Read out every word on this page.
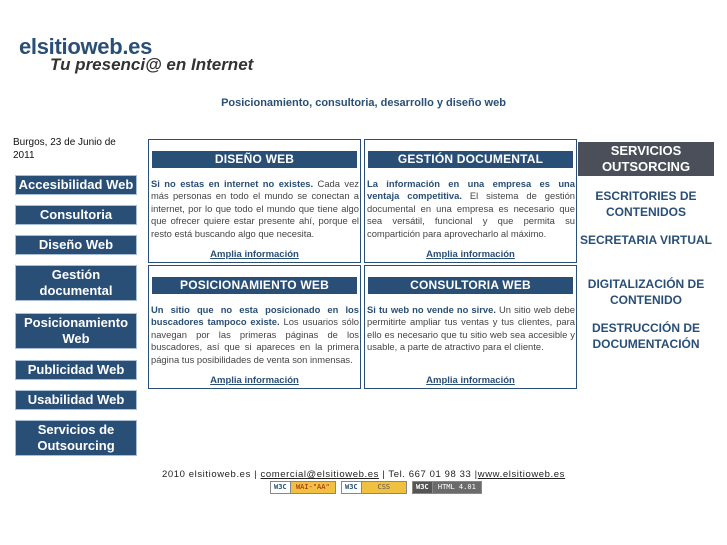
elsitioweb.es
Tu presenci@ en Internet
Posicionamiento, consultoria, desarrollo y diseño web
Burgos, 23 de Junio de 2011
Accesibilidad Web
Consultoria
Diseño Web
Gestión documental
Posicionamiento Web
Publicidad Web
Usabilidad Web
Servicios de Outsourcing
DISEÑO WEB
Si no estas en internet no existes. Cada vez más personas en todo el mundo se conectan a internet, por lo que todo el mundo que tiene algo que ofrecer quiere estar presente ahí, porque el resto está buscando algo que necesita.
Amplia información
GESTIÓN DOCUMENTAL
La información en una empresa es una ventaja competitiva. El sistema de gestión documental en una empresa es necesario que sea versátil, funcional y que permita su compartición para aprovecharlo al máximo.
Amplia información
POSICIONAMIENTO WEB
Un sitio que no esta posicionado en los buscadores tampoco existe. Los usuarios sólo navegan por las primeras páginas de los buscadores, así que si apareces en la primera página tus posibilidades de venta son inmensas.
Amplia información
CONSULTORIA WEB
Si tu web no vende no sirve. Un sitio web debe permitirte ampliar tus ventas y tus clientes, para ello es necesario que tu sitio web sea accesible y usable, a parte de atractivo para el cliente.
Amplia información
SERVICIOS OUTSORCING
ESCRITORIES DE CONTENIDOS
SECRETARIA VIRTUAL
DIGITALIZACIÓN DE CONTENIDO
DESTRUCCIÓN DE DOCUMENTACIÓN
2010 elsitioweb.es | comercial@elsitioweb.es | Tel. 667 01 98 33 |www.elsitioweb.es
W3C	WAI-"AA"	W3C	CSS	W3C	HTML 4.01
